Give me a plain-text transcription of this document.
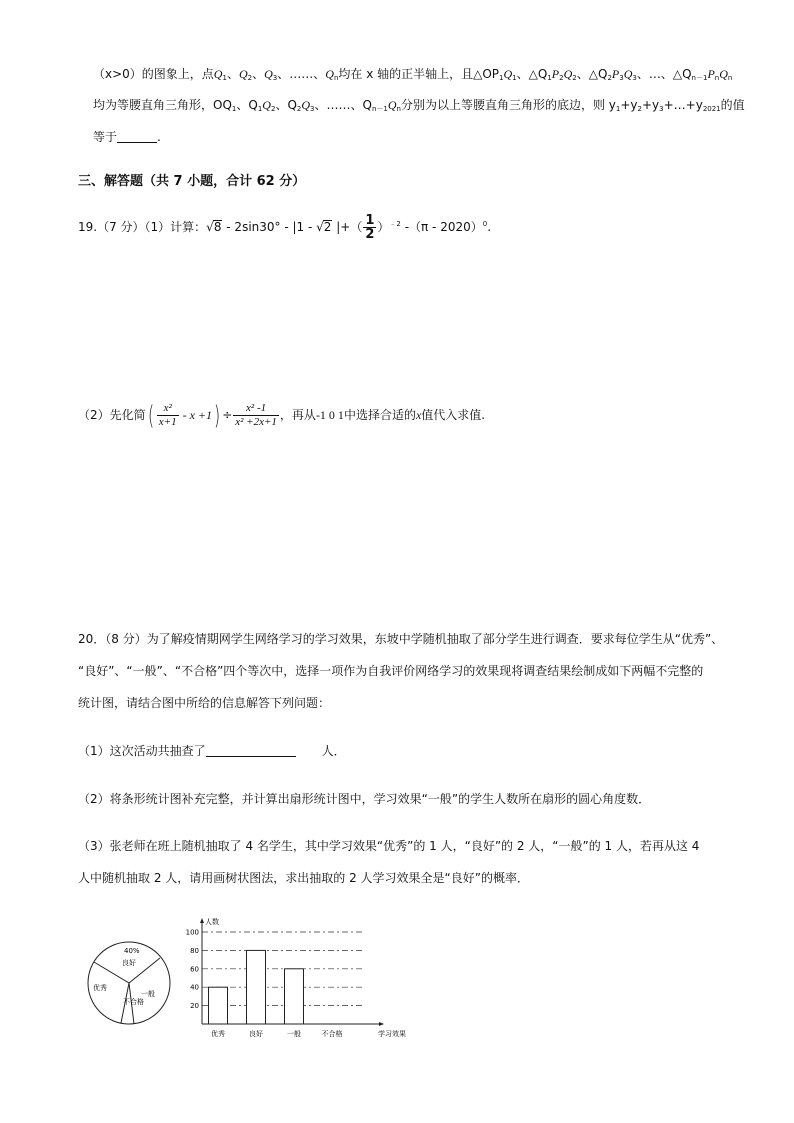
（x>0）的图象上，点$Q_1$、$Q_2$、$Q_3$、……、$Q_n$均在 x 轴的正半轴上，且$\triangle OP_1Q_1$、$\triangle Q_1P_2Q_2$、$\triangle Q_2P_3Q_3$、…、$\triangle Q_{n-1}P_nQ_n$
均为等腰直角三角形，$OQ_1$、$Q_1Q_2$、$Q_2Q_3$、……、$Q_{n-1}Q_n$分别为以上等腰直角三角形的底边，则 $y_1+y_2+y_3+\dots+y_{2021}$的值
等于	.
三、解答题（共 7 小题，合计 62 分）
19.（7 分）（1）计算：√8 - 2sin30° - |1 - √2 |+（ $\frac{1}{2} )^{﹣2}$ -（π - 2020）$^0$.
（2）先化简( $\frac{\text{x²}}{x+1} - x +1) \div \frac{\text{x² -1}}{\text{x² +2x+1}}$ ，再从-1 0 1中选择合适的x值代入求值.
20．（8 分）为了解疫情期网学生网络学习的学习效果，东坡中学随机抽取了部分学生进行调查．要求每位学生从“优秀”、
“良好”、“一般”、“不合格”四个等次中，选择一项作为自我评价网络学习的效果现将调查结果绘制成如下两幅不完整的
统计图，请结合图中所给的信息解答下列问题：
（1）这次活动共抽查了	人．
（2）将条形统计图补充完整，并计算出扇形统计图中，学习效果“一般”的学生人数所在扇形的圆心角度数．
（3）张老师在班上随机抽取了 4 名学生，其中学习效果“优秀”的 1 人，“良好”的 2 人，“一般”的 1 人，若再从这 4
人中随机抽取 2 人，请用画树状图法，求出抽取的 2 人学习效果全是“良好”的概率．
40%
良好
优秀
不合格
一般
人数
学习效果
20
40
60
80
100
优秀	良好	一般	不合格
